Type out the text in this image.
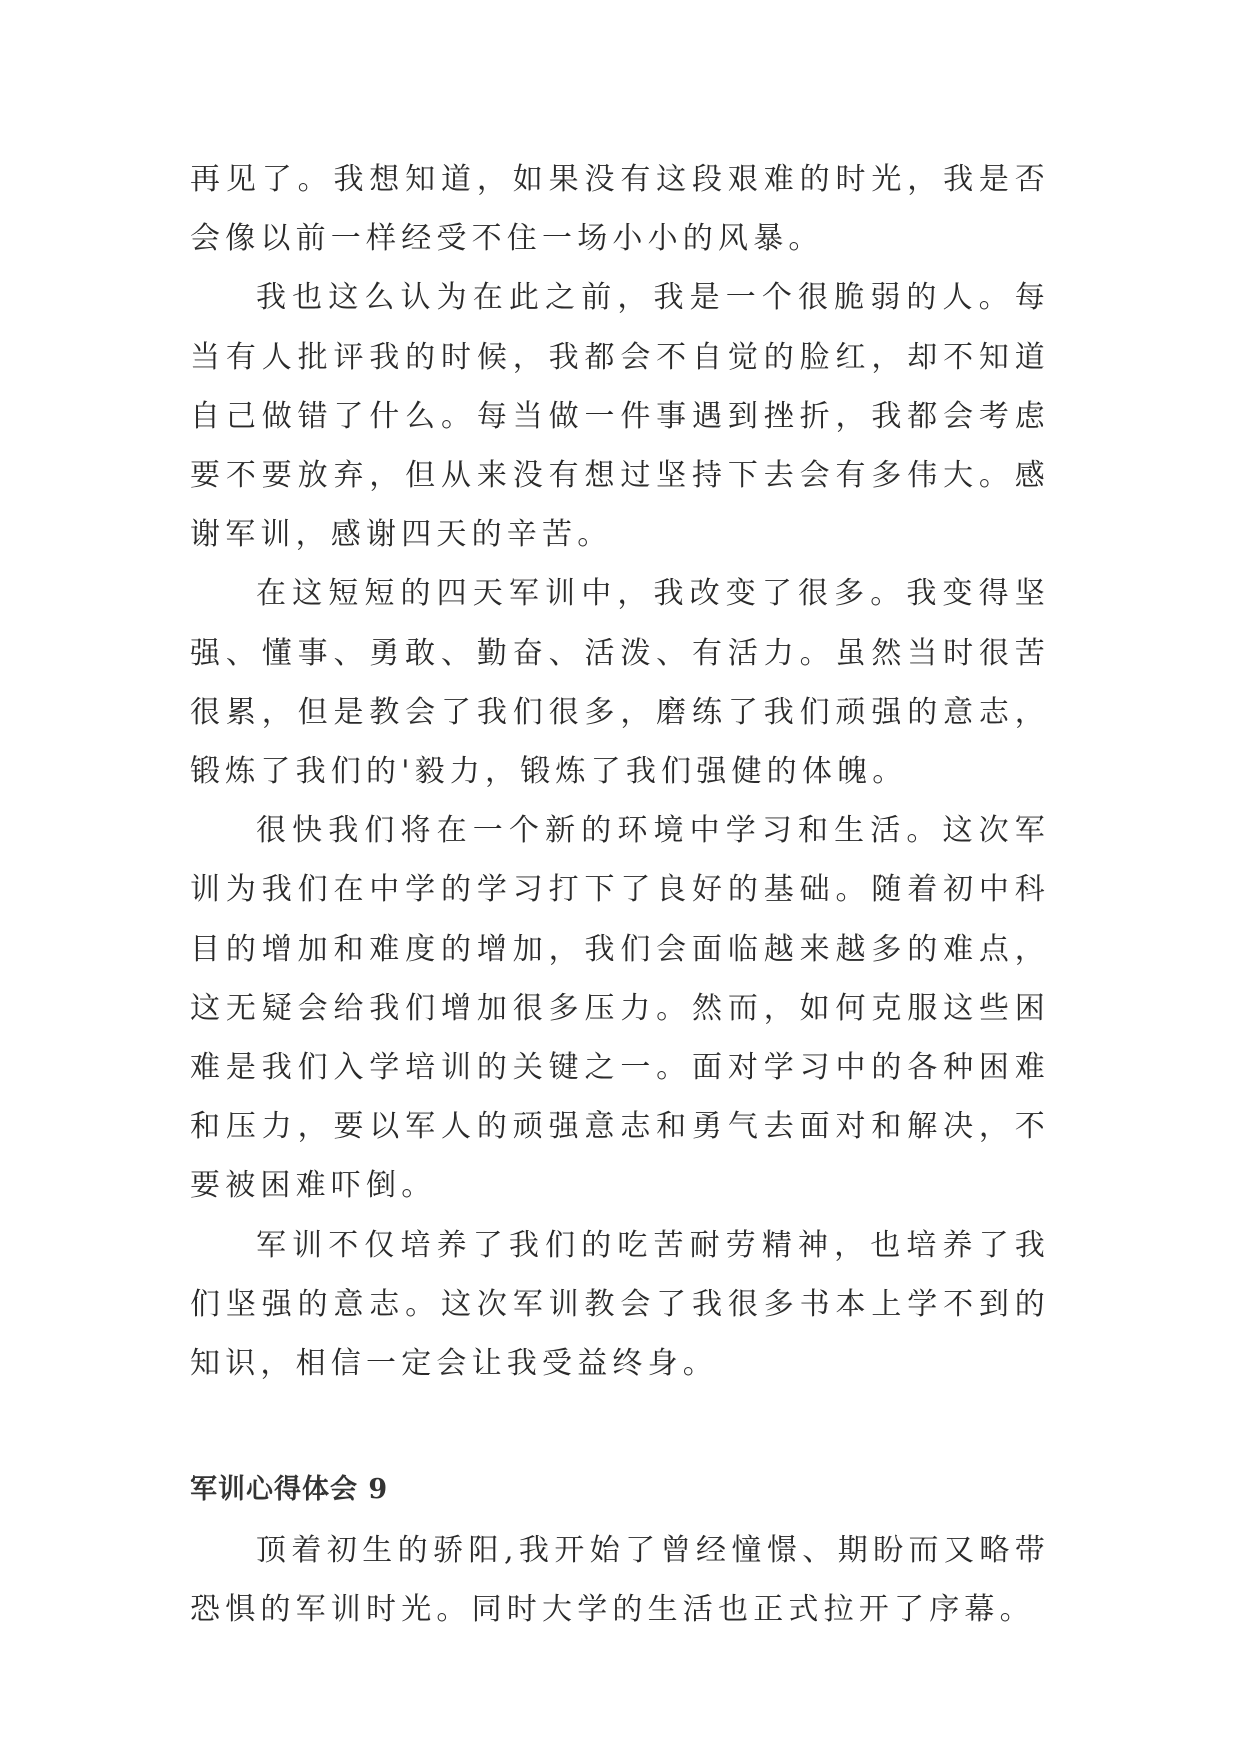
再见了。我想知道，如果没有这段艰难的时光，我是否会像以前一样经受不住一场小小的风暴。

我也这么认为在此之前，我是一个很脆弱的人。每当有人批评我的时候，我都会不自觉的脸红，却不知道自己做错了什么。每当做一件事遇到挫折，我都会考虑要不要放弃，但从来没有想过坚持下去会有多伟大。感谢军训，感谢四天的辛苦。

在这短短的四天军训中，我改变了很多。我变得坚强、懂事、勇敢、勤奋、活泼、有活力。虽然当时很苦很累，但是教会了我们很多，磨练了我们顽强的意志，锻炼了我们的'毅力，锻炼了我们强健的体魄。

很快我们将在一个新的环境中学习和生活。这次军训为我们在中学的学习打下了良好的基础。随着初中科目的增加和难度的增加，我们会面临越来越多的难点，这无疑会给我们增加很多压力。然而，如何克服这些困难是我们入学培训的关键之一。面对学习中的各种困难和压力，要以军人的顽强意志和勇气去面对和解决，不要被困难吓倒。

军训不仅培养了我们的吃苦耐劳精神，也培养了我们坚强的意志。这次军训教会了我很多书本上学不到的知识，相信一定会让我受益终身。

军训心得体会 9

顶着初生的骄阳,我开始了曾经憧憬、期盼而又略带恐惧的军训时光。同时大学的生活也正式拉开了序幕。
